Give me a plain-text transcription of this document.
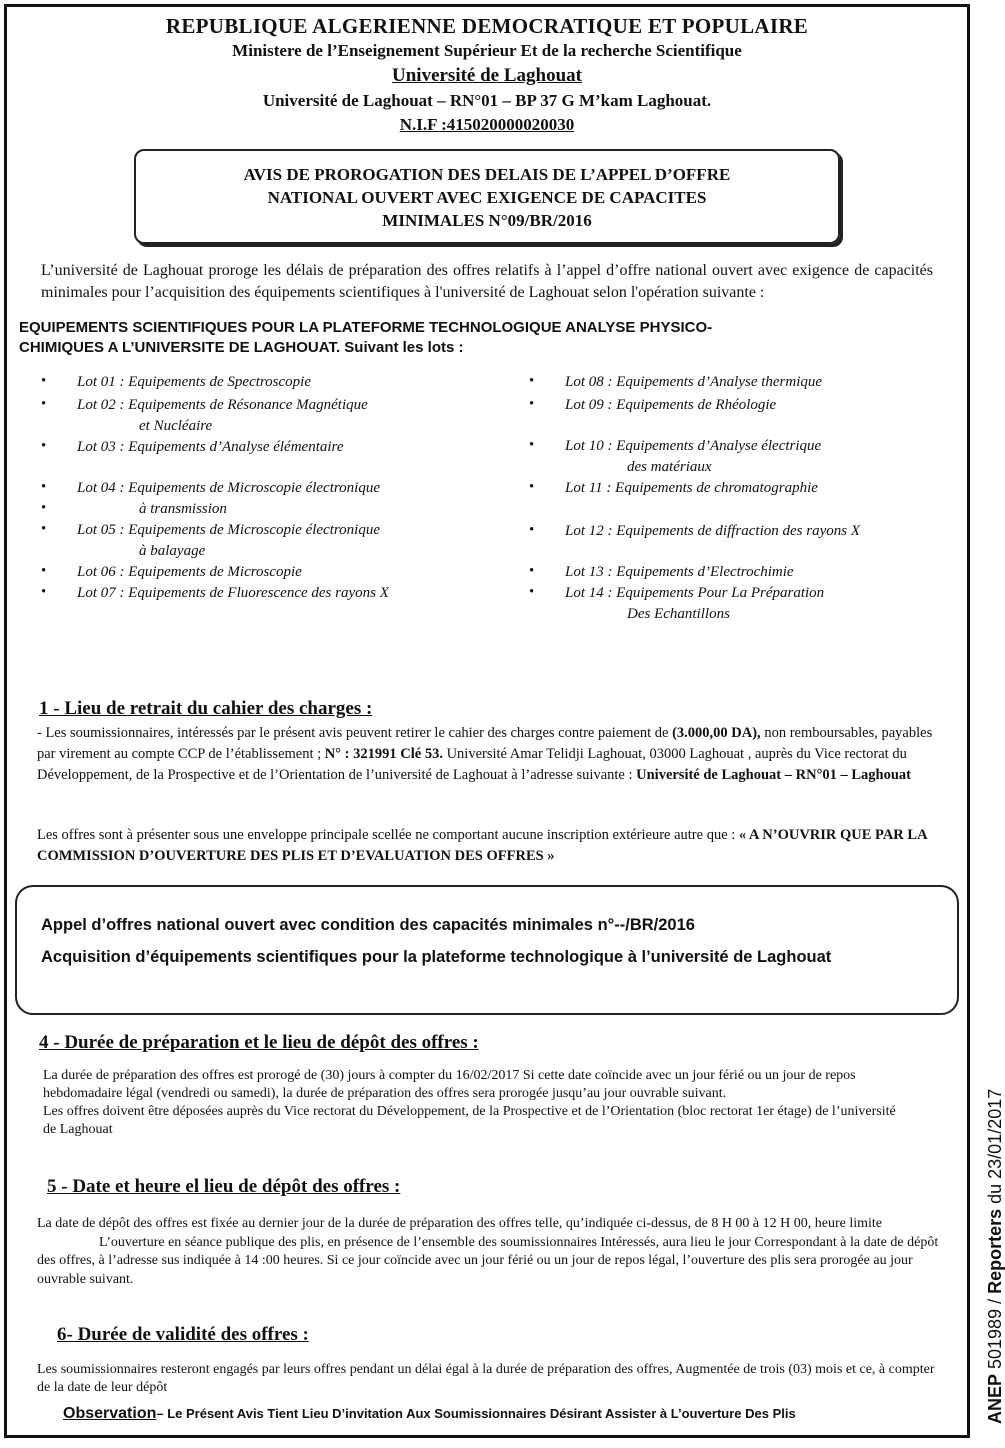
REPUBLIQUE ALGERIENNE DEMOCRATIQUE ET POPULAIRE
Ministere de l’Enseignement Supérieur Et de la recherche Scientifique
Université de Laghouat
Université de Laghouat – RN°01 – BP 37 G M’kam Laghouat.
N.I.F :415020000020030
AVIS DE PROROGATION DES DELAIS DE L’APPEL D’OFFRE
NATIONAL OUVERT AVEC EXIGENCE DE CAPACITES
MINIMALES N°09/BR/2016
L’université de Laghouat proroge les délais de préparation des offres relatifs à l’appel d’offre national ouvert avec exigence de capacités minimales pour l’acquisition des équipements scientifiques à l'université de Laghouat selon l'opération suivante :
EQUIPEMENTS SCIENTIFIQUES POUR LA PLATEFORME TECHNOLOGIQUE ANALYSE PHYSICO-
CHIMIQUES A L’UNIVERSITE DE LAGHOUAT. Suivant les lots :
• Lot 01 : Equipements de Spectroscopie
• Lot 02 : Equipements de Résonance Magnétique
et Nucléaire
• Lot 03 : Equipements d’Analyse élémentaire
• Lot 04 : Equipements de Microscopie électronique
à transmission
•
• Lot 05 : Equipements de Microscopie électronique
à balayage
• Lot 06 : Equipements de Microscopie
• Lot 07 : Equipements de Fluorescence des rayons X
• Lot 08 : Equipements d’Analyse thermique
• Lot 09 : Equipements de Rhéologie
• Lot 10 : Equipements d’Analyse électrique
des matériaux
• Lot 11 : Equipements de chromatographie
• Lot 12 : Equipements de diffraction des rayons X
• Lot 13 : Equipements d’Electrochimie
• Lot 14 : Equipements Pour La Préparation
Des Echantillons
1 - Lieu de retrait du cahier des charges :
- Les soumissionnaires, intéressés par le présent avis peuvent retirer le cahier des charges contre paiement de (3.000,00 DA), non remboursables, payables par virement au compte CCP de l’établissement ; N° : 321991 Clé 53. Université Amar Telidji Laghouat, 03000 Laghouat , auprès du Vice rectorat du Développement, de la Prospective et de l’Orientation de l’université de Laghouat à l’adresse suivante : Université de Laghouat – RN°01 – Laghouat
Les offres sont à présenter sous une enveloppe principale scellée ne comportant aucune inscription extérieure autre que : « A N’OUVRIR QUE PAR LA COMMISSION D’OUVERTURE DES PLIS ET D’EVALUATION DES OFFRES »
Appel d’offres national ouvert avec condition des capacités minimales n°--/BR/2016
Acquisition d’équipements scientifiques pour la plateforme technologique à l’université de Laghouat
4 - Durée de préparation et le lieu de dépôt des offres :
La durée de préparation des offres est prorogé de (30) jours à compter du 16/02/2017 Si cette date coïncide avec un jour férié ou un jour de repos hebdomadaire légal (vendredi ou samedi), la durée de préparation des offres sera prorogée jusqu’au jour ouvrable suivant.
Les offres doivent être déposées auprès du Vice rectorat du Développement, de la Prospective et de l’Orientation (bloc rectorat 1er étage) de l’université de Laghouat
5 - Date et heure el lieu de dépôt des offres :
La date de dépôt des offres est fixée au dernier jour de la durée de préparation des offres telle, qu’indiquée ci-dessus, de 8 H 00 à 12 H 00, heure limite
L’ouverture en séance publique des plis, en présence de l’ensemble des soumissionnaires Intéressés, aura lieu le jour Correspondant à la date de dépôt des offres, à l’adresse sus indiquée à 14 :00 heures. Si ce jour coïncide avec un jour férié ou un jour de repos légal, l’ouverture des plis sera prorogée au jour ouvrable suivant.
6- Durée de validité des offres :
Les soumissionnaires resteront engagés par leurs offres pendant un délai égal à la durée de préparation des offres, Augmentée de trois (03) mois et ce, à compter de la date de leur dépôt
Observation– Le Présent Avis Tient Lieu D’invitation Aux Soumissionnaires Désirant Assister à L’ouverture Des Plis	ANEP 501989 / Reporters du 23/01/2017
